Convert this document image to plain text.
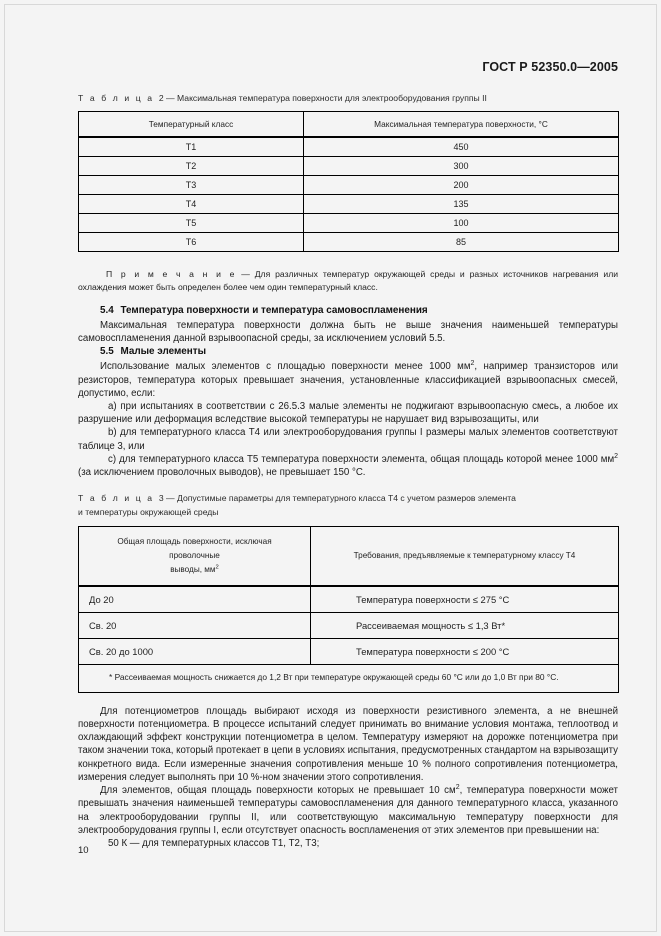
ГОСТ Р 52350.0—2005
Т а б л и ц а 2 — Максимальная температура поверхности для электрооборудования группы II
Температурный класс	Максимальная температура поверхности, °С
Т1	450
Т2	300
Т3	200
Т4	135
Т5	100
Т6	85

П р и м е ч а н и е — Для различных температур окружающей среды и разных источников нагревания или охлаждения может быть определен более чем один температурный класс.

5.4 Температура поверхности и температура самовоспламенения

Максимальная температура поверхности должна быть не выше значения наименьшей температуры самовоспламенения данной взрывоопасной среды, за исключением условий 5.5.

5.5 Малые элементы

Использование малых элементов с площадью поверхности менее 1000 $мм^2$, например транзисторов или резисторов, температура которых превышает значения, установленные классификацией взрывоопасных смесей, допустимо, если:

a) при испытаниях в соответствии с 26.5.3 малые элементы не поджигают взрывоопасную смесь, а любое их разрушение или деформация вследствие высокой температуры не нарушает вид взрывозащиты, или

b) для температурного класса Т4 или электрооборудования группы I размеры малых элементов соответствуют таблице 3, или

c) для температурного класса Т5 температура поверхности элемента, общая площадь которой менее 1000 $мм^2$ (за исключением проволочных выводов), не превышает 150 °С.

Т а б л и ц а 3 — Допустимые параметры для температурного класса Т4 с учетом размеров элемента
и температуры окружающей среды
Общая площадь поверхности, исключая проволочные
выводы, $мм^2$	Требования, предъявляемые к температурному классу Т4
До 20	Температура поверхности ≤ 275 °С
Св. 20	Рассеиваемая мощность ≤ 1,3 Вт*
Св. 20 до 1000	Температура поверхности ≤ 200 °С
* Рассеиваемая мощность снижается до 1,2 Вт при температуре окружающей среды 60 °С или до 1,0 Вт при 80 °С.	

Для потенциометров площадь выбирают исходя из поверхности резистивного элемента, а не внешней поверхности потенциометра. В процессе испытаний следует принимать во внимание условия монтажа, теплоотвод и охлаждающий эффект конструкции потенциометра в целом. Температуру измеряют на дорожке потенциометра при таком значении тока, который протекает в цепи в условиях испытания, предусмотренных стандартом на взрывозащиту конкретного вида. Если измеренные значения сопротивления меньше 10 % полного сопротивления потенциометра, измерения следует выполнять при 10 %-ном значении этого сопротивления.

Для элементов, общая площадь поверхности которых не превышает 10 $см^2$, температура поверхности может превышать значения наименьшей температуры самовоспламенения для данного температурного класса, указанного на электрооборудовании группы II, или соответствующую максимальную температуру поверхности для электрооборудования группы I, если отсутствует опасность воспламенения от этих элементов при превышении на:

50 К — для температурных классов Т1, Т2, Т3;

10
